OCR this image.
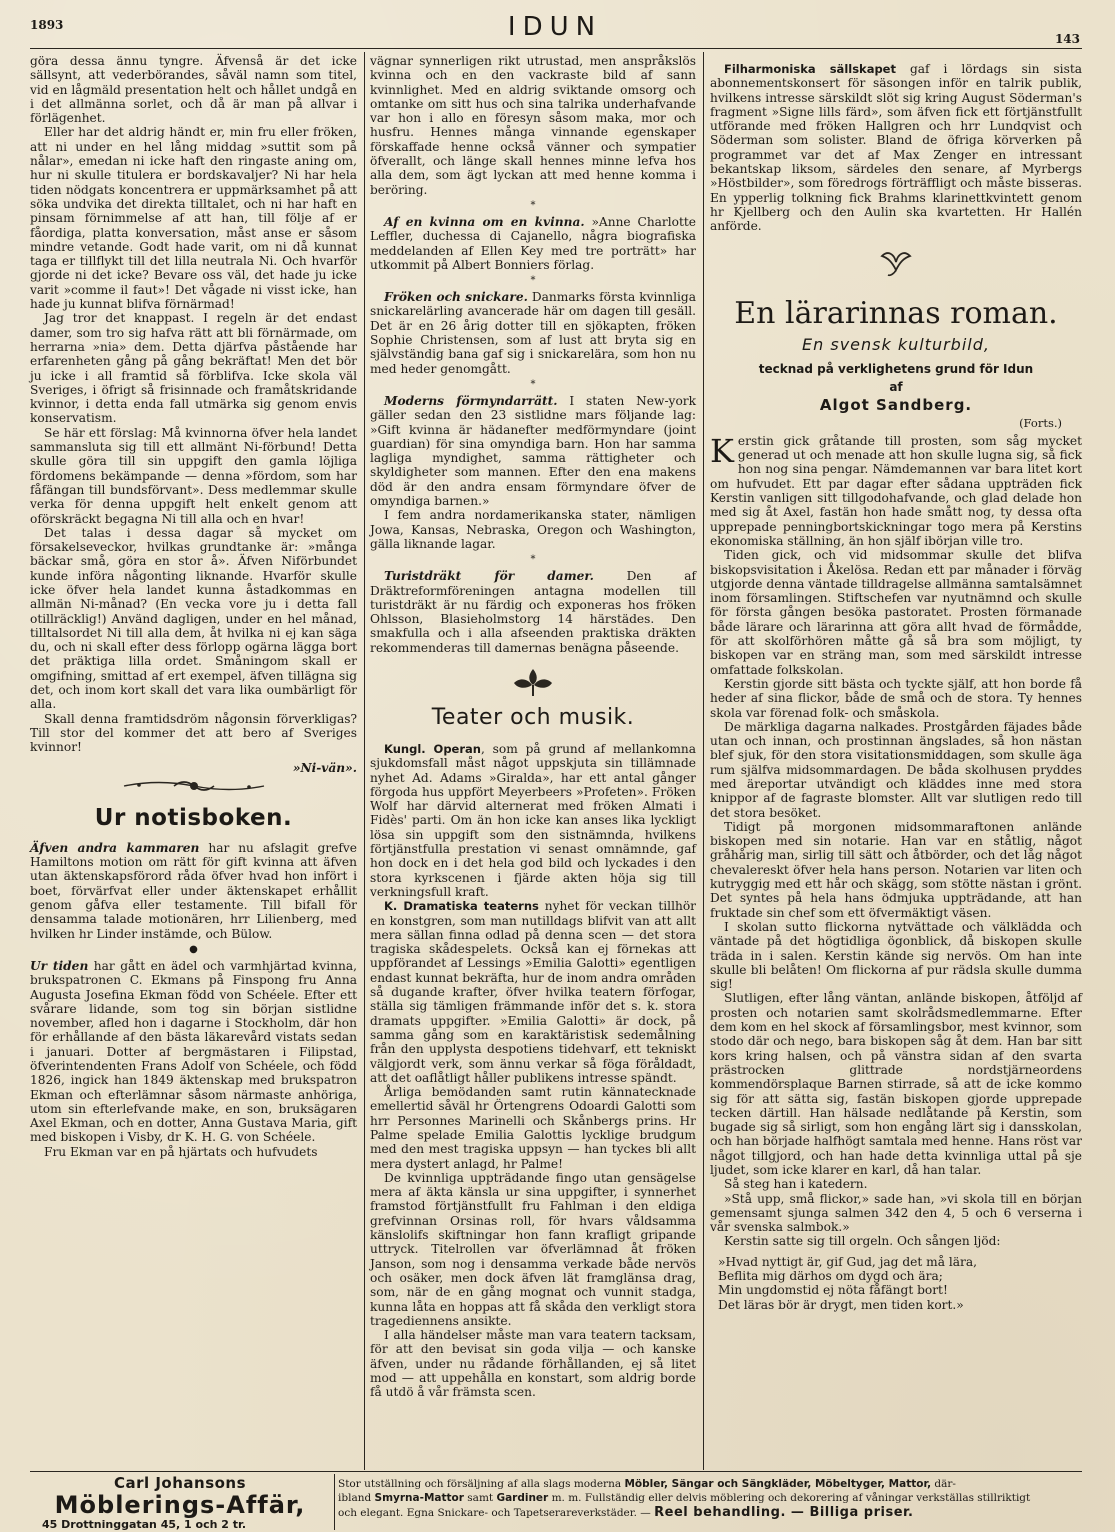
1893	IDUN	143

göra dessa ännu tyngre. Äfvenså är det icke sällsynt, att vederbörandes, såväl namn som titel, vid en lågmäld presentation helt och hållet undgå en i det allmänna sorlet, och då är man på allvar i förlägenhet.

Eller har det aldrig händt er, min fru eller fröken, att ni under en hel lång middag »suttit som på nålar», emedan ni icke haft den ringaste aning om, hur ni skulle titulera er bordskavaljer? Ni har hela tiden nödgats koncentrera er uppmärksamhet på att söka undvika det direkta tilltalet, och ni har haft en pinsam förnimmelse af att han, till följe af er fåordiga, platta konversation, måst anse er såsom mindre vetande. Godt hade varit, om ni då kunnat taga er tillflykt till det lilla neutrala Ni. Och hvarför gjorde ni det icke? Bevare oss väl, det hade ju icke varit »comme il faut»! Det vågade ni visst icke, han hade ju kunnat blifva förnärmad!

Jag tror det knappast. I regeln är det endast damer, som tro sig hafva rätt att bli förnärmade, om herrarna »nia» dem. Detta djärfva påstående har erfarenheten gång på gång bekräftat! Men det bör ju icke i all framtid så förblifva. Icke skola väl Sveriges, i öfrigt så frisinnade och framåtskridande kvinnor, i detta enda fall utmärka sig genom envis konservatism.

Se här ett förslag: Må kvinnorna öfver hela landet sammansluta sig till ett allmänt Ni-förbund! Detta skulle göra till sin uppgift den gamla löjliga fördomens bekämpande — denna »fördom, som har fåfängan till bundsförvant». Dess medlemmar skulle verka för denna uppgift helt enkelt genom att oförskräckt begagna Ni till alla och en hvar!

Det talas i dessa dagar så mycket om försakelseveckor, hvilkas grundtanke är: »många bäckar små, göra en stor å». Äfven Niförbundet kunde införa någonting liknande. Hvarför skulle icke öfver hela landet kunna åstadkommas en allmän Ni-månad? (En vecka vore ju i detta fall otillräcklig!) Använd dagligen, under en hel månad, tilltalsordet Ni till alla dem, åt hvilka ni ej kan säga du, och ni skall efter dess förlopp ogärna lägga bort det präktiga lilla ordet. Småningom skall er omgifning, smittad af ert exempel, äfven tillägna sig det, och inom kort skall det vara lika oumbärligt för alla.

Skall denna framtidsdröm någonsin förverkligas? Till stor del kommer det att bero af Sveriges kvinnor!

»Ni-vän».
Ur notisboken.

Äfven andra kammaren har nu afslagit grefve Hamiltons motion om rätt för gift kvinna att äfven utan äktenskapsförord råda öfver hvad hon infört i boet, förvärfvat eller under äktenskapet erhållit genom gåfva eller testamente. Till bifall för densamma talade motionären, hrr Lilienberg, med hvilken hr Linder instämde, och Bülow.

●

Ur tiden har gått en ädel och varmhjärtad kvinna, brukspatronen C. Ekmans på Finspong fru Anna Augusta Josefina Ekman född von Schéele. Efter ett svårare lidande, som tog sin början sistlidne november, afled hon i dagarne i Stockholm, där hon för erhållande af den bästa läkarevård vistats sedan i januari. Dotter af bergmästaren i Filipstad, öfverintendenten Frans Adolf von Schéele, och född 1826, ingick han 1849 äktenskap med brukspatron Ekman och efterlämnar såsom närmaste anhöriga, utom sin efterlefvande make, en son, bruksägaren Axel Ekman, och en dotter, Anna Gustava Maria, gift med biskopen i Visby, dr K. H. G. von Schéele.

Fru Ekman var en på hjärtats och hufvudets

vägnar synnerligen rikt utrustad, men anspråkslös kvinna och en den vackraste bild af sann kvinnlighet. Med en aldrig sviktande omsorg och omtanke om sitt hus och sina talrika underhafvande var hon i allo en föresyn såsom maka, mor och husfru. Hennes många vinnande egenskaper förskaffade henne också vänner och sympatier öfverallt, och länge skall hennes minne lefva hos alla dem, som ägt lyckan att med henne komma i beröring.

*

Af en kvinna om en kvinna. »Anne Charlotte Leffler, duchessa di Cajanello, några biografiska meddelanden af Ellen Key med tre porträtt» har utkommit på Albert Bonniers förlag.

*

Fröken och snickare. Danmarks första kvinnliga snickarelärling avancerade här om dagen till gesäll. Det är en 26 årig dotter till en sjökapten, fröken Sophie Christensen, som af lust att bryta sig en självständig bana gaf sig i snickarelära, som hon nu med heder genomgått.

*

Moderns förmyndarrätt. I staten New-york gäller sedan den 23 sistlidne mars följande lag: »Gift kvinna är hädanefter medförmyndare (joint guardian) för sina omyndiga barn. Hon har samma lagliga myndighet, samma rättigheter och skyldigheter som mannen. Efter den ena makens död är den andra ensam förmyndare öfver de omyndiga barnen.»

I fem andra nordamerikanska stater, nämligen Jowa, Kansas, Nebraska, Oregon och Washington, gälla liknande lagar.

*

Turistdräkt för damer. Den af Dräktreformföreningen antagna modellen till turistdräkt är nu färdig och exponeras hos fröken Ohlsson, Blasieholmstorg 14 härstädes. Den smakfulla och i alla afseenden praktiska dräkten rekommenderas till damernas benägna påseende.

Teater och musik.

Kungl. Operan, som på grund af mellankomna sjukdomsfall måst något uppskjuta sin tillämnade nyhet Ad. Adams »Giralda», har ett antal gånger förgoda hus uppfört Meyerbeers »Profeten». Fröken Wolf har därvid alternerat med fröken Almati i Fidès' parti. Om än hon icke kan anses lika lyckligt lösa sin uppgift som den sistnämnda, hvilkens förtjänstfulla prestation vi senast omnämnde, gaf hon dock en i det hela god bild och lyckades i den stora kyrkscenen i fjärde akten höja sig till verkningsfull kraft.

K. Dramatiska teaterns nyhet för veckan tillhör en konstgren, som man nutilldags blifvit van att allt mera sällan finna odlad på denna scen — det stora tragiska skådespelets. Också kan ej förnekas att uppförandet af Lessings »Emilia Galotti» egentligen endast kunnat bekräfta, hur de inom andra områden så dugande krafter, öfver hvilka teatern förfogar, ställa sig tämligen främmande inför det s. k. stora dramats uppgifter. »Emilia Galotti» är dock, på samma gång som en karaktäristisk sedemålning från den upplysta despotiens tidehvarf, ett tekniskt välgjordt verk, som ännu verkar så föga föråldadt, att det oaflåtligt håller publikens intresse spändt.

Årliga bemödanden samt rutin kännatecknade emellertid såväl hr Örtengrens Odoardi Galotti som hrr Personnes Marinelli och Skånbergs prins. Hr Palme spelade Emilia Galottis lycklige brudgum med den mest tragiska uppsyn — han tyckes bli allt mera dystert anlagd, hr Palme!

De kvinnliga uppträdande fingo utan gensägelse mera af äkta känsla ur sina uppgifter, i synnerhet framstod förtjänstfullt fru Fahlman i den eldiga grefvinnan Orsinas roll, för hvars våldsamma känslolifs skiftningar hon fann krafligt gripande uttryck. Titelrollen var öfverlämnad åt fröken Janson, som nog i densamma verkade både nervös och osäker, men dock äfven lät framglänsa drag, som, när de en gång mognat och vunnit stadga, kunna låta en hoppas att få skåda den verkligt stora tragediennens ansikte.

I alla händelser måste man vara teatern tacksam, för att den bevisat sin goda vilja — och kanske äfven, under nu rådande förhållanden, ej så litet mod — att uppehålla en konstart, som aldrig borde få utdö å vår främsta scen.

Filharmoniska sällskapet gaf i lördags sin sista abonnementskonsert för säsongen inför en talrik publik, hvilkens intresse särskildt slöt sig kring August Söderman's fragment »Signe lills färd», som äfven fick ett förtjänstfullt utförande med fröken Hallgren och hrr Lundqvist och Söderman som solister. Bland de öfriga körverken på programmet var det af Max Zenger en intressant bekantskap liksom, särdeles den senare, af Myrbergs »Höstbilder», som föredrogs förträffligt och måste bisseras. En ypperlig tolkning fick Brahms klarinettkvintett genom hr Kjellberg och den Aulin ska kvartetten. Hr Hallén anförde.

En lärarinnas roman.
En svensk kulturbild,
tecknad på verklighetens grund för Idun
af
Algot Sandberg.
(Forts.)

Kerstin gick gråtande till prosten, som såg mycket generad ut och menade att hon skulle lugna sig, så fick hon nog sina pengar. Nämdemannen var bara litet kort om hufvudet. Ett par dagar efter sådana uppträden fick Kerstin vanligen sitt tillgodohafvande, och glad delade hon med sig åt Axel, fastän hon hade smått nog, ty dessa ofta upprepade penningbortskickningar togo mera på Kerstins ekonomiska ställning, än hon själf ibörjan ville tro.

Tiden gick, och vid midsommar skulle det blifva biskopsvisitation i Åkelösa. Redan ett par månader i förväg utgjorde denna väntade tilldragelse allmänna samtalsämnet inom församlingen. Stiftschefen var nyutnämnd och skulle för första gången besöka pastoratet. Prosten förmanade både lärare och lärarinna att göra allt hvad de förmådde, för att skolförhören måtte gå så bra som möjligt, ty biskopen var en sträng man, som med särskildt intresse omfattade folkskolan.

Kerstin gjorde sitt bästa och tyckte själf, att hon borde få heder af sina flickor, både de små och de stora. Ty hennes skola var förenad folk- och småskola.

De märkliga dagarna nalkades. Prostgården fäjades både utan och innan, och prostinnan ängslades, så hon nästan blef sjuk, för den stora visitationsmiddagen, som skulle äga rum själfva midsommardagen. De båda skolhusen pryddes med äreportar utvändigt och kläddes inne med stora knippor af de fagraste blomster. Allt var slutligen redo till det stora besöket.

Tidigt på morgonen midsommaraftonen anlände biskopen med sin notarie. Han var en ståtlig, något gråhårig man, sirlig till sätt och åtbörder, och det låg något chevalereskt öfver hela hans person. Notarien var liten och kutryggig med ett hår och skägg, som stötte nästan i grönt. Det syntes på hela hans ödmjuka uppträdande, att han fruktade sin chef som ett öfvermäktigt väsen.

I skolan sutto flickorna nytvättade och välklädda och väntade på det högtidliga ögonblick, då biskopen skulle träda in i salen. Kerstin kände sig nervös. Om han inte skulle bli belåten! Om flickorna af pur rädsla skulle dumma sig!

Slutligen, efter lång väntan, anlände biskopen, åtföljd af prosten och notarien samt skolrådsmedlemmarne. Efter dem kom en hel skock af församlingsbor, mest kvinnor, som stodo där och nego, bara biskopen såg åt dem. Han bar sitt kors kring halsen, och på vänstra sidan af den svarta prästrocken glittrade nordstjärneordens kommendörsplaque Barnen stirrade, så att de icke kommo sig för att sätta sig, fastän biskopen gjorde upprepade tecken därtill. Han hälsade nedlåtande på Kerstin, som bugade sig så sirligt, som hon engång lärt sig i dansskolan, och han började halfhögt samtala med henne. Hans röst var något tillgjord, och han hade detta kvinnliga uttal på sje ljudet, som icke klarer en karl, då han talar.

Så steg han i katedern.

»Stå upp, små flickor,» sade han, »vi skola till en början gemensamt sjunga salmen 342 den 4, 5 och 6 verserna i vår svenska salmbok.»

Kerstin satte sig till orgeln. Och sången ljöd:

»Hvad nyttigt är, gif Gud, jag det må lära,
Beflita mig därhos om dygd och ära;
Min ungdomstid ej nöta fåfängt bort!
Det läras bör är drygt, men tiden kort.»
Carl Johansons
Möblerings-Affär,
45 Drottninggatan 45, 1 och 2 tr.
Stor utställning och försäljning af alla slags moderna Möbler, Sängar och Sängkläder, Möbeltyger, Mattor, där-
ibland Smyrna-Mattor samt Gardiner m. m. Fullständig eller delvis möblering och dekorering af våningar verkställas stillriktigt
och elegant. Egna Snickare- och Tapetserareverkstäder. — Reel behandling. — Billiga priser.
